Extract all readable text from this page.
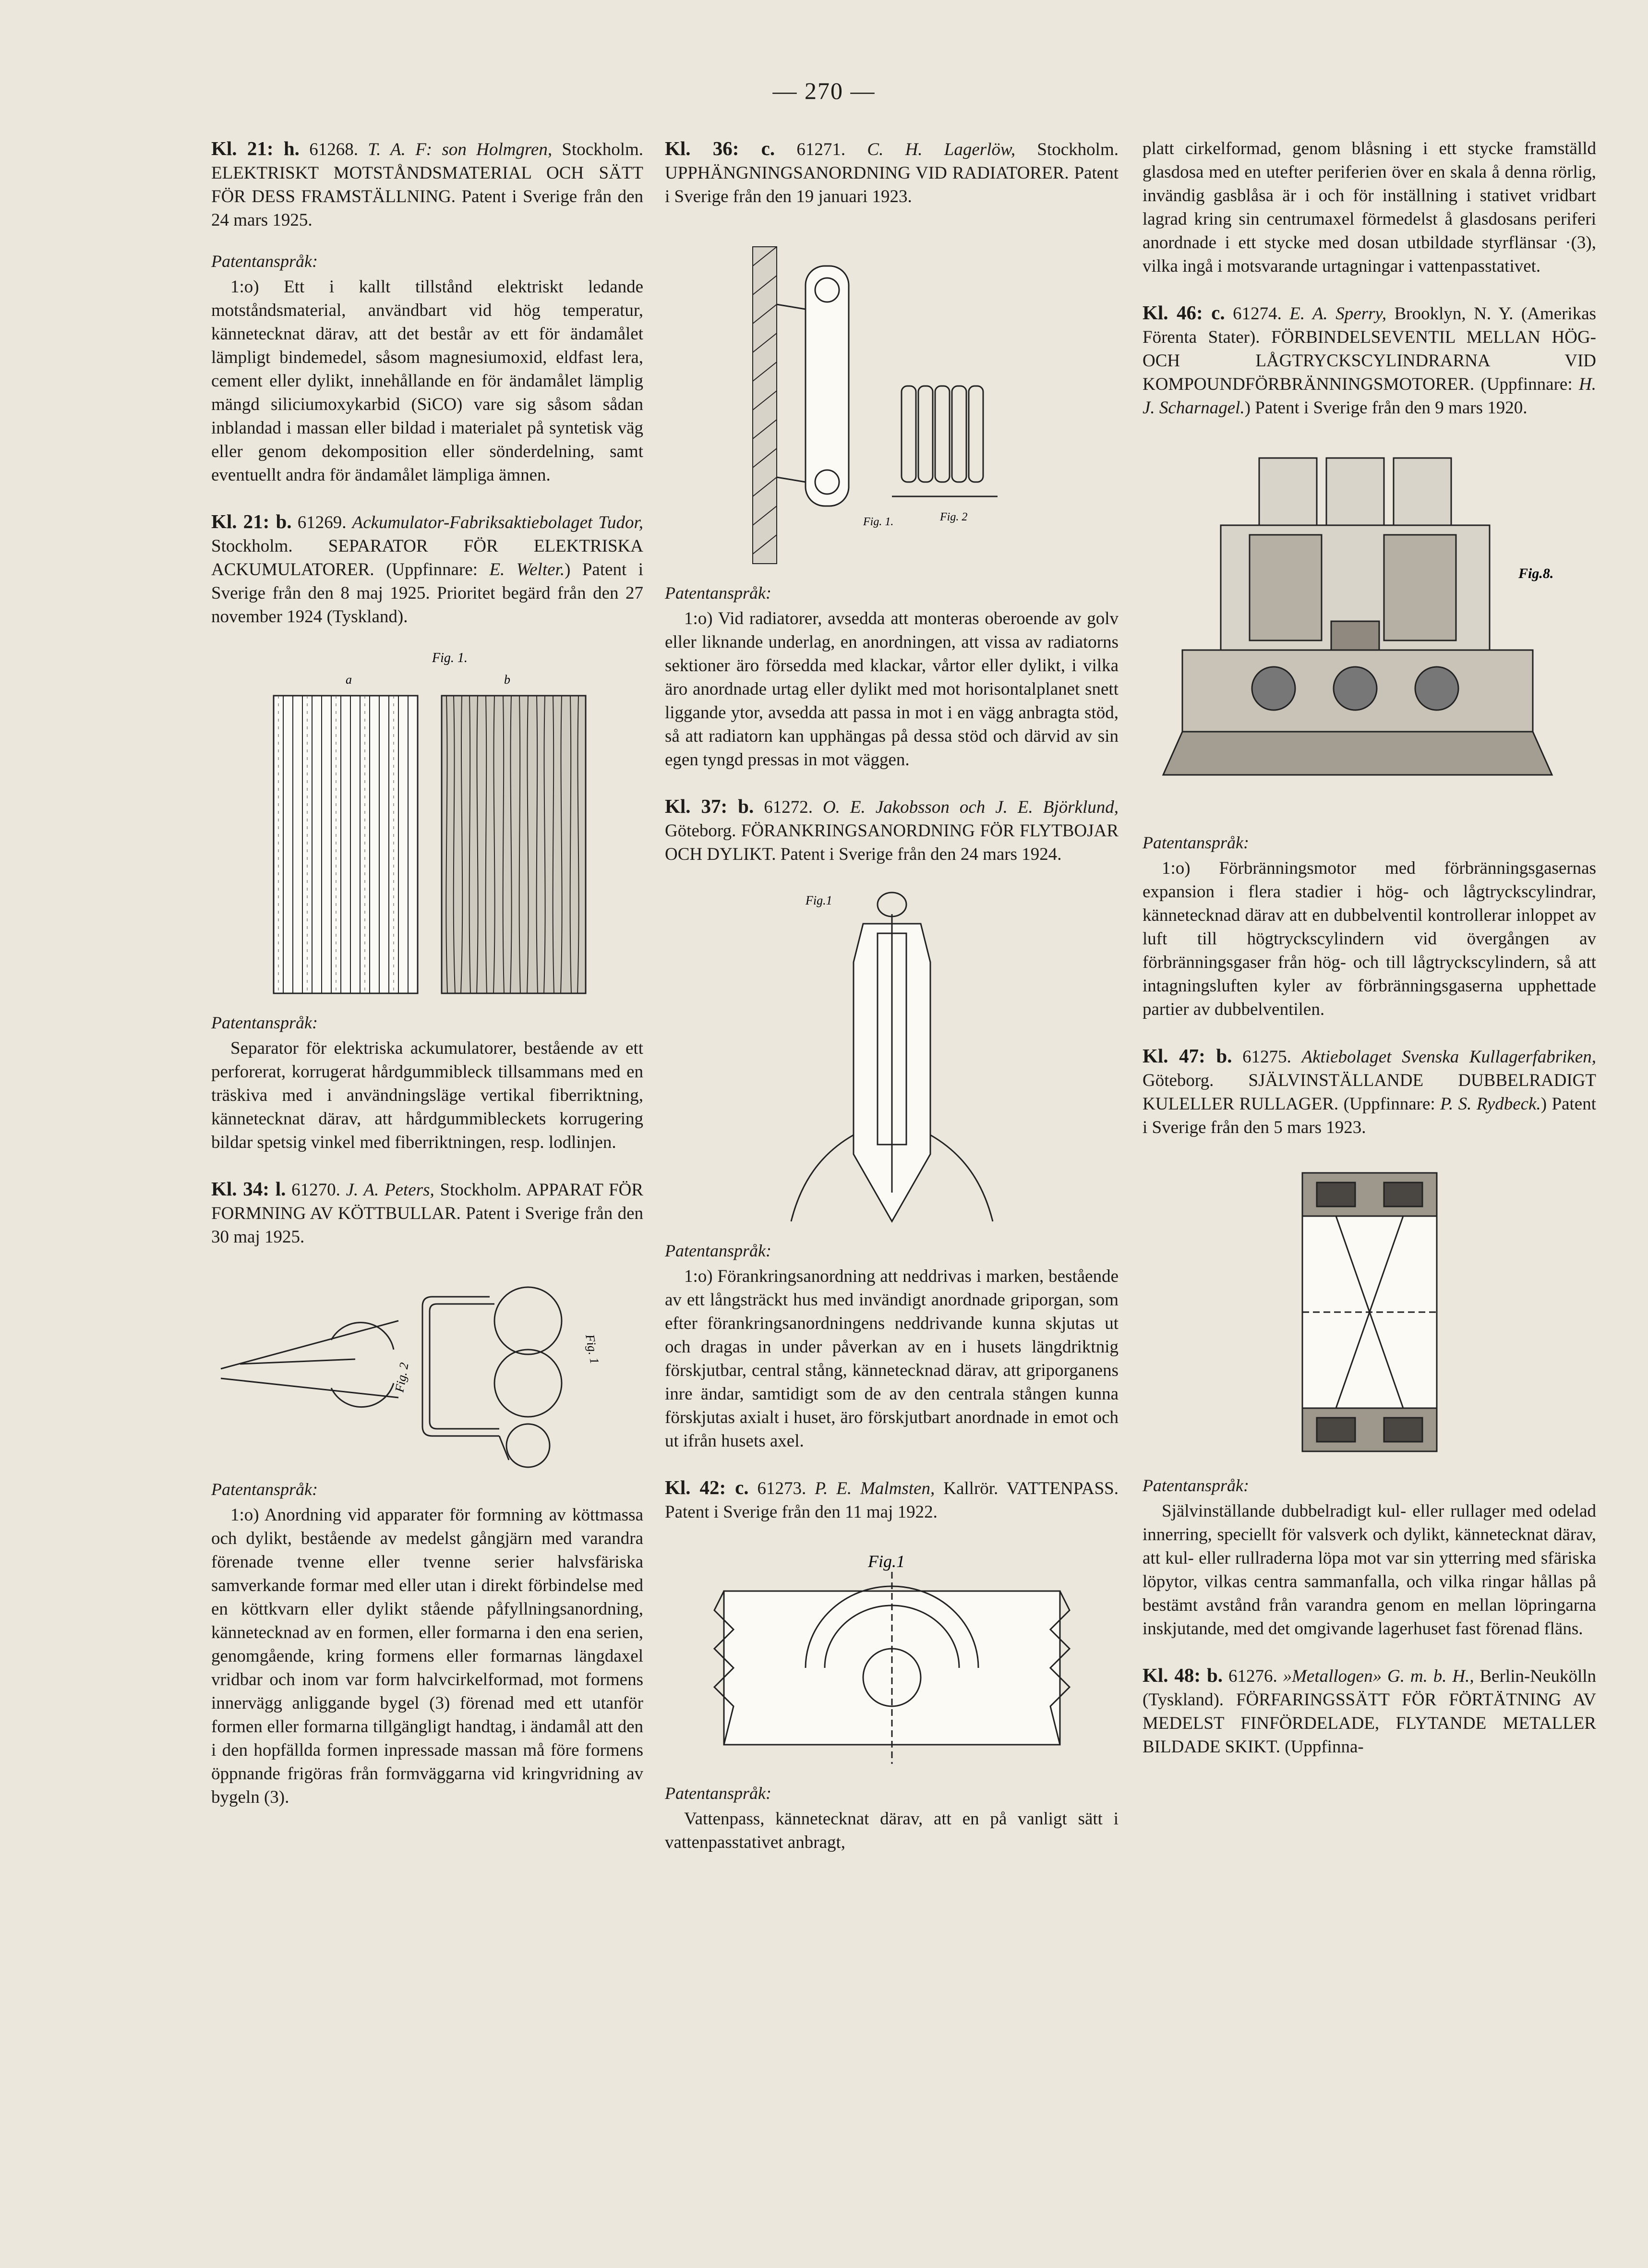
— 270 —

Kl. 21: h. 61268. T. A. F: son Holmgren, Stockholm. ELEKTRISKT MOTSTÅNDSMATERIAL OCH SÄTT FÖR DESS FRAMSTÄLLNING. Patent i Sverige från den 24 mars 1925.

Patentanspråk:

1:o) Ett i kallt tillstånd elektriskt ledande motståndsmaterial, användbart vid hög temperatur, kännetecknat därav, att det består av ett för ändamålet lämpligt bindemedel, såsom magnesiumoxid, eldfast lera, cement eller dylikt, innehållande en för ändamålet lämplig mängd siliciumoxykarbid (SiCO) vare sig såsom sådan inblandad i massan eller bildad i materialet på syntetisk väg eller genom dekomposition eller sönderdelning, samt eventuellt andra för ändamålet lämpliga ämnen.

Kl. 21: b. 61269. Ackumulator-Fabriksaktiebolaget Tudor, Stockholm. SEPARATOR FÖR ELEKTRISKA ACKUMULATORER. (Uppfinnare: E. Welter.) Patent i Sverige från den 8 maj 1925. Prioritet begärd från den 27 november 1924 (Tyskland).

Fig. 1.
a	b
Patentanspråk:

Separator för elektriska ackumulatorer, bestående av ett perforerat, korrugerat hårdgummibleck tillsammans med en träskiva med i användningsläge vertikal fiberriktning, kännetecknat därav, att hårdgummibleckets korrugering bildar spetsig vinkel med fiberriktningen, resp. lodlinjen.

Kl. 34: l. 61270. J. A. Peters, Stockholm. APPARAT FÖR FORMNING AV KÖTTBULLAR. Patent i Sverige från den 30 maj 1925.

Fig. 2
Fig. 1
Patentanspråk:

1:o) Anordning vid apparater för formning av köttmassa och dylikt, bestående av medelst gångjärn med varandra förenade tvenne eller tvenne serier halvsfäriska samverkande formar med eller utan i direkt förbindelse med en köttkvarn eller dylikt stående påfyllningsanordning, kännetecknad av en formen, eller formarna i den ena serien, genomgående, kring formens eller formarnas längdaxel vridbar och inom var form halvcirkelformad, mot formens innervägg anliggande bygel (3) förenad med ett utanför formen eller formarna tillgängligt handtag, i ändamål att den i den hopfällda formen inpressade massan må före formens öppnande frigöras från formväggarna vid kringvridning av bygeln (3).

Kl. 36: c. 61271. C. H. Lagerlöw, Stockholm. UPPHÄNGNINGSANORDNING VID RADIATORER. Patent i Sverige från den 19 januari 1923.

Fig. 1.	Fig. 2
Patentanspråk:

1:o) Vid radiatorer, avsedda att monteras oberoende av golv eller liknande underlag, en anordningen, att vissa av radiatorns sektioner äro försedda med klackar, vårtor eller dylikt, i vilka äro anordnade urtag eller dylikt med mot horisontalplanet snett liggande ytor, avsedda att passa in mot i en vägg anbragta stöd, så att radiatorn kan upphängas på dessa stöd och därvid av sin egen tyngd pressas in mot väggen.

Kl. 37: b. 61272. O. E. Jakobsson och J. E. Björklund, Göteborg. FÖRANKRINGSANORDNING FÖR FLYTBOJAR OCH DYLIKT. Patent i Sverige från den 24 mars 1924.

Fig.1
Patentanspråk:

1:o) Förankringsanordning att neddrivas i marken, bestående av ett långsträckt hus med invändigt anordnade griporgan, som efter förankringsanordningens neddrivande kunna skjutas ut och dragas in under påverkan av en i husets längdriktnig förskjutbar, central stång, kännetecknad därav, att griporganens inre ändar, samtidigt som de av den centrala stången kunna förskjutas axialt i huset, äro förskjutbart anordnade in emot och ut ifrån husets axel.

Kl. 42: c. 61273. P. E. Malmsten, Kallrör. VATTENPASS. Patent i Sverige från den 11 maj 1922.

Fig.1
Patentanspråk:

Vattenpass, kännetecknat därav, att en på vanligt sätt i vattenpasstativet anbragt,

platt cirkelformad, genom blåsning i ett stycke framställd glasdosa med en utefter periferien över en skala å denna rörlig, invändig gasblåsa är i och för inställning i stativet vridbart lagrad kring sin centrumaxel förmedelst å glasdosans periferi anordnade i ett stycke med dosan utbildade styrflänsar ·(3), vilka ingå i motsvarande urtagningar i vattenpasstativet.

Kl. 46: c. 61274. E. A. Sperry, Brooklyn, N. Y. (Amerikas Förenta Stater). FÖRBINDELSEVENTIL MELLAN HÖG- OCH LÅGTRYCKSCYLINDRARNA VID KOMPOUNDFÖRBRÄNNINGSMOTORER. (Uppfinnare: H. J. Scharnagel.) Patent i Sverige från den 9 mars 1920.

Fig.8.
Patentanspråk:

1:o) Förbränningsmotor med förbränningsgasernas expansion i flera stadier i hög- och lågtryckscylindrar, kännetecknad därav att en dubbelventil kontrollerar inloppet av luft till högtryckscylindern vid övergången av förbränningsgaser från hög- och till lågtryckscylindern, så att intagningsluften kyler av förbränningsgaserna upphettade partier av dubbelventilen.

Kl. 47: b. 61275. Aktiebolaget Svenska Kullagerfabriken, Göteborg. SJÄLVINSTÄLLANDE DUBBELRADIGT KULELLER RULLAGER. (Uppfinnare: P. S. Rydbeck.) Patent i Sverige från den 5 mars 1923.

Patentanspråk:

Självinställande dubbelradigt kul- eller rullager med odelad innerring, speciellt för valsverk och dylikt, kännetecknat därav, att kul- eller rullraderna löpa mot var sin ytterring med sfäriska löpytor, vilkas centra sammanfalla, och vilka ringar hållas på bestämt avstånd från varandra genom en mellan löpringarna inskjutande, med det omgivande lagerhuset fast förenad fläns.

Kl. 48: b. 61276. »Metallogen» G. m. b. H., Berlin-Neukölln (Tyskland). FÖRFARINGSSÄTT FÖR FÖRTÄTNING AV MEDELST FINFÖRDELADE, FLYTANDE METALLER BILDADE SKIKT. (Uppfinna-
